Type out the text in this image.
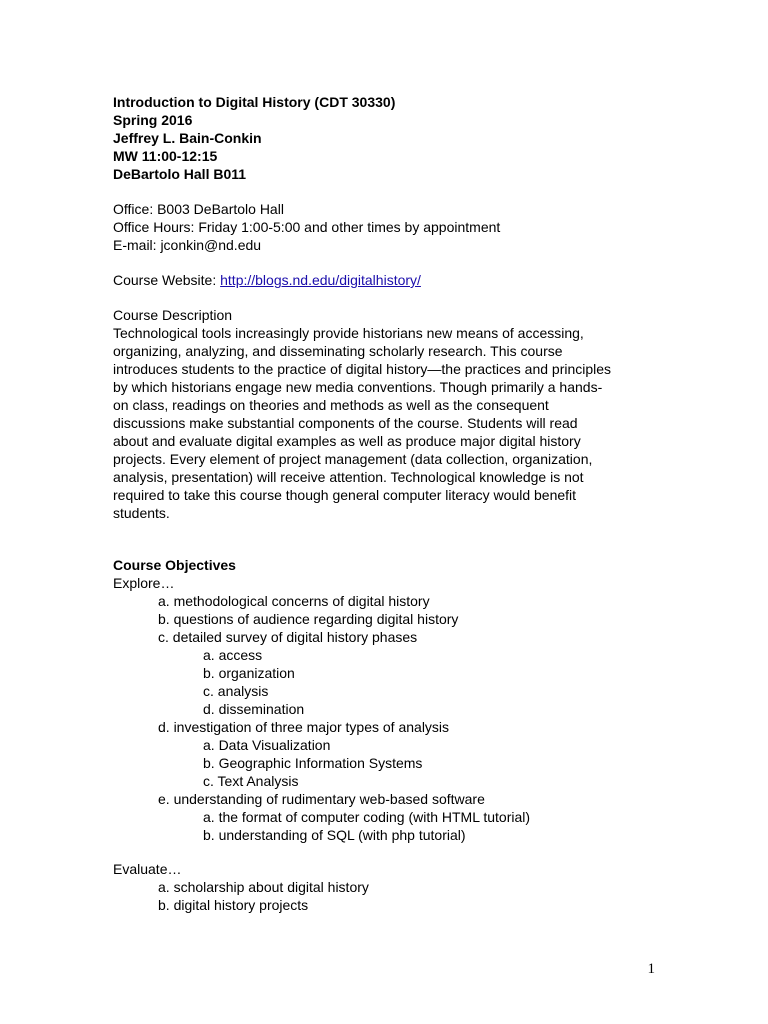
Introduction to Digital History (CDT 30330)

Spring 2016

Jeffrey L. Bain-Conkin

MW 11:00-12:15

DeBartolo Hall B011

Office: B003 DeBartolo Hall

Office Hours: Friday 1:00-5:00 and other times by appointment

E-mail: jconkin@nd.edu

Course Website: http://blogs.nd.edu/digitalhistory/

Course Description

Technological tools increasingly provide historians new means of accessing,

organizing, analyzing, and disseminating scholarly research. This course

introduces students to the practice of digital history—the practices and principles

by which historians engage new media conventions. Though primarily a hands-

on class, readings on theories and methods as well as the consequent

discussions make substantial components of the course. Students will read

about and evaluate digital examples as well as produce major digital history

projects. Every element of project management (data collection, organization,

analysis, presentation) will receive attention. Technological knowledge is not

required to take this course though general computer literacy would benefit

students.

Course Objectives

Explore…

a. methodological concerns of digital history

b. questions of audience regarding digital history

c. detailed survey of digital history phases

a. access

b. organization

c. analysis

d. dissemination

d. investigation of three major types of analysis

a. Data Visualization

b. Geographic Information Systems

c. Text Analysis

e. understanding of rudimentary web-based software

a. the format of computer coding (with HTML tutorial)

b. understanding of SQL (with php tutorial)

Evaluate…

a. scholarship about digital history

b. digital history projects

1
